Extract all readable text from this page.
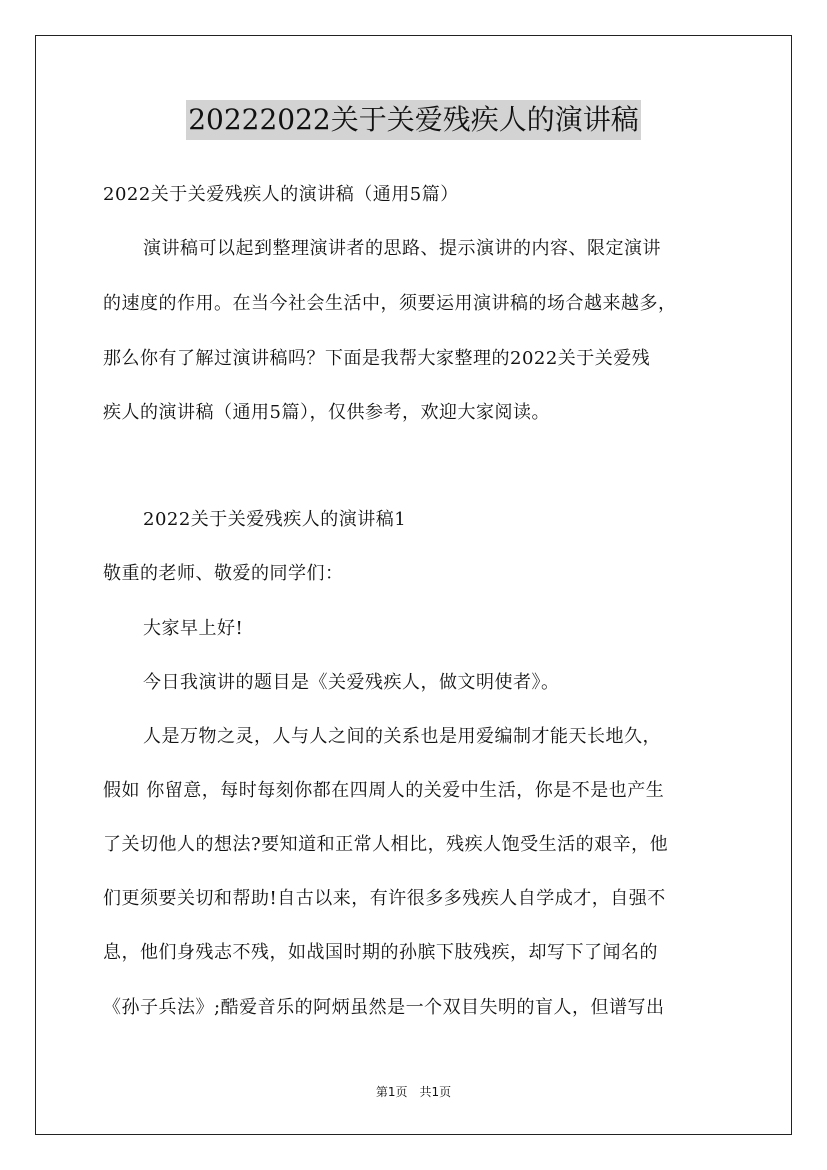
20222022关于关爱残疾人的演讲稿
2022关于关爱残疾人的演讲稿（通用5篇）
演讲稿可以起到整理演讲者的思路、提示演讲的内容、限定演讲
的速度的作用。在当今社会生活中，须要运用演讲稿的场合越来越多，
那么你有了解过演讲稿吗？下面是我帮大家整理的2022关于关爱残
疾人的演讲稿（通用5篇），仅供参考，欢迎大家阅读。
2022关于关爱残疾人的演讲稿1
敬重的老师、敬爱的同学们：
大家早上好!
今日我演讲的题目是《关爱残疾人，做文明使者》。
人是万物之灵，人与人之间的关系也是用爱编制才能天长地久，
假如 你留意，每时每刻你都在四周人的关爱中生活，你是不是也产生
了关切他人的想法?要知道和正常人相比，残疾人饱受生活的艰辛，他
们更须要关切和帮助!自古以来，有许很多多残疾人自学成才，自强不
息，他们身残志不残，如战国时期的孙膑下肢残疾，却写下了闻名的
《孙子兵法》;酷爱音乐的阿炳虽然是一个双目失明的盲人，但谱写出
第1页　共1页
